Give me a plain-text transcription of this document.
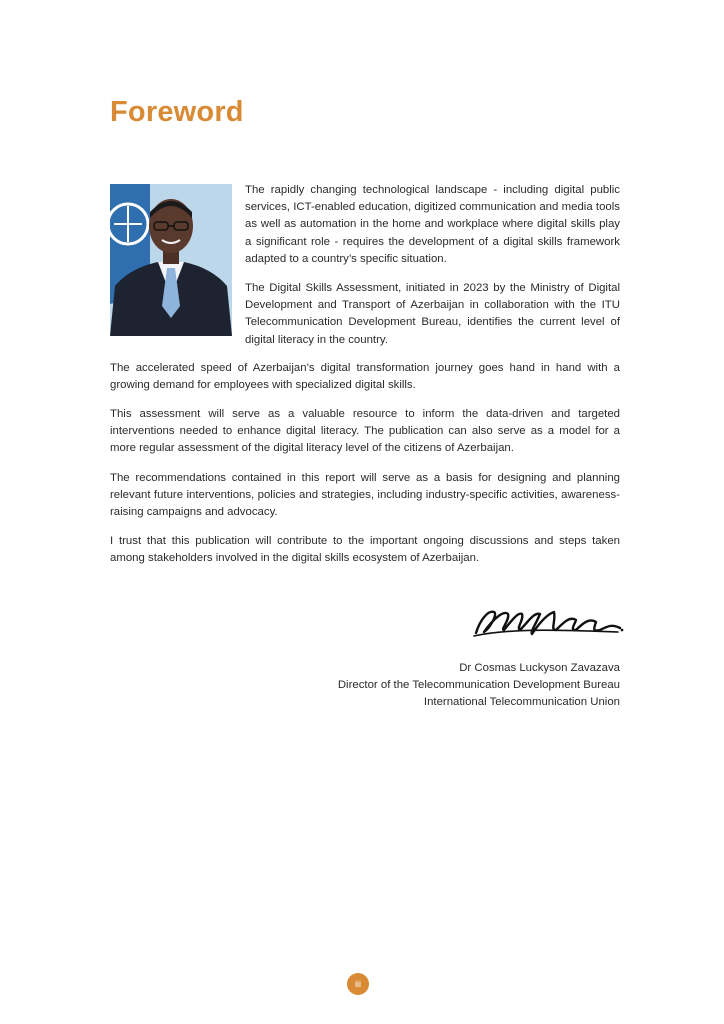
Foreword

The rapidly changing technological landscape - including digital public services, ICT-enabled education, digitized communication and media tools as well as automation in the home and workplace where digital skills play a significant role - requires the development of a digital skills framework adapted to a country’s specific situation.

The Digital Skills Assessment, initiated in 2023 by the Ministry of Digital Development and Transport of Azerbaijan in collaboration with the ITU Telecommunication Development Bureau, identifies the current level of digital literacy in the country.

The accelerated speed of Azerbaijan’s digital transformation journey goes hand in hand with a growing demand for employees with specialized digital skills.

This assessment will serve as a valuable resource to inform the data-driven and targeted interventions needed to enhance digital literacy. The publication can also serve as a model for a more regular assessment of the digital literacy level of the citizens of Azerbaijan.

The recommendations contained in this report will serve as a basis for designing and planning relevant future interventions, policies and strategies, including industry-specific activities, awareness-raising campaigns and advocacy.

I trust that this publication will contribute to the important ongoing discussions and steps taken among stakeholders involved in the digital skills ecosystem of Azerbaijan.

Dr Cosmas Luckyson Zavazava
Director of the Telecommunication Development Bureau
International Telecommunication Union
iii
